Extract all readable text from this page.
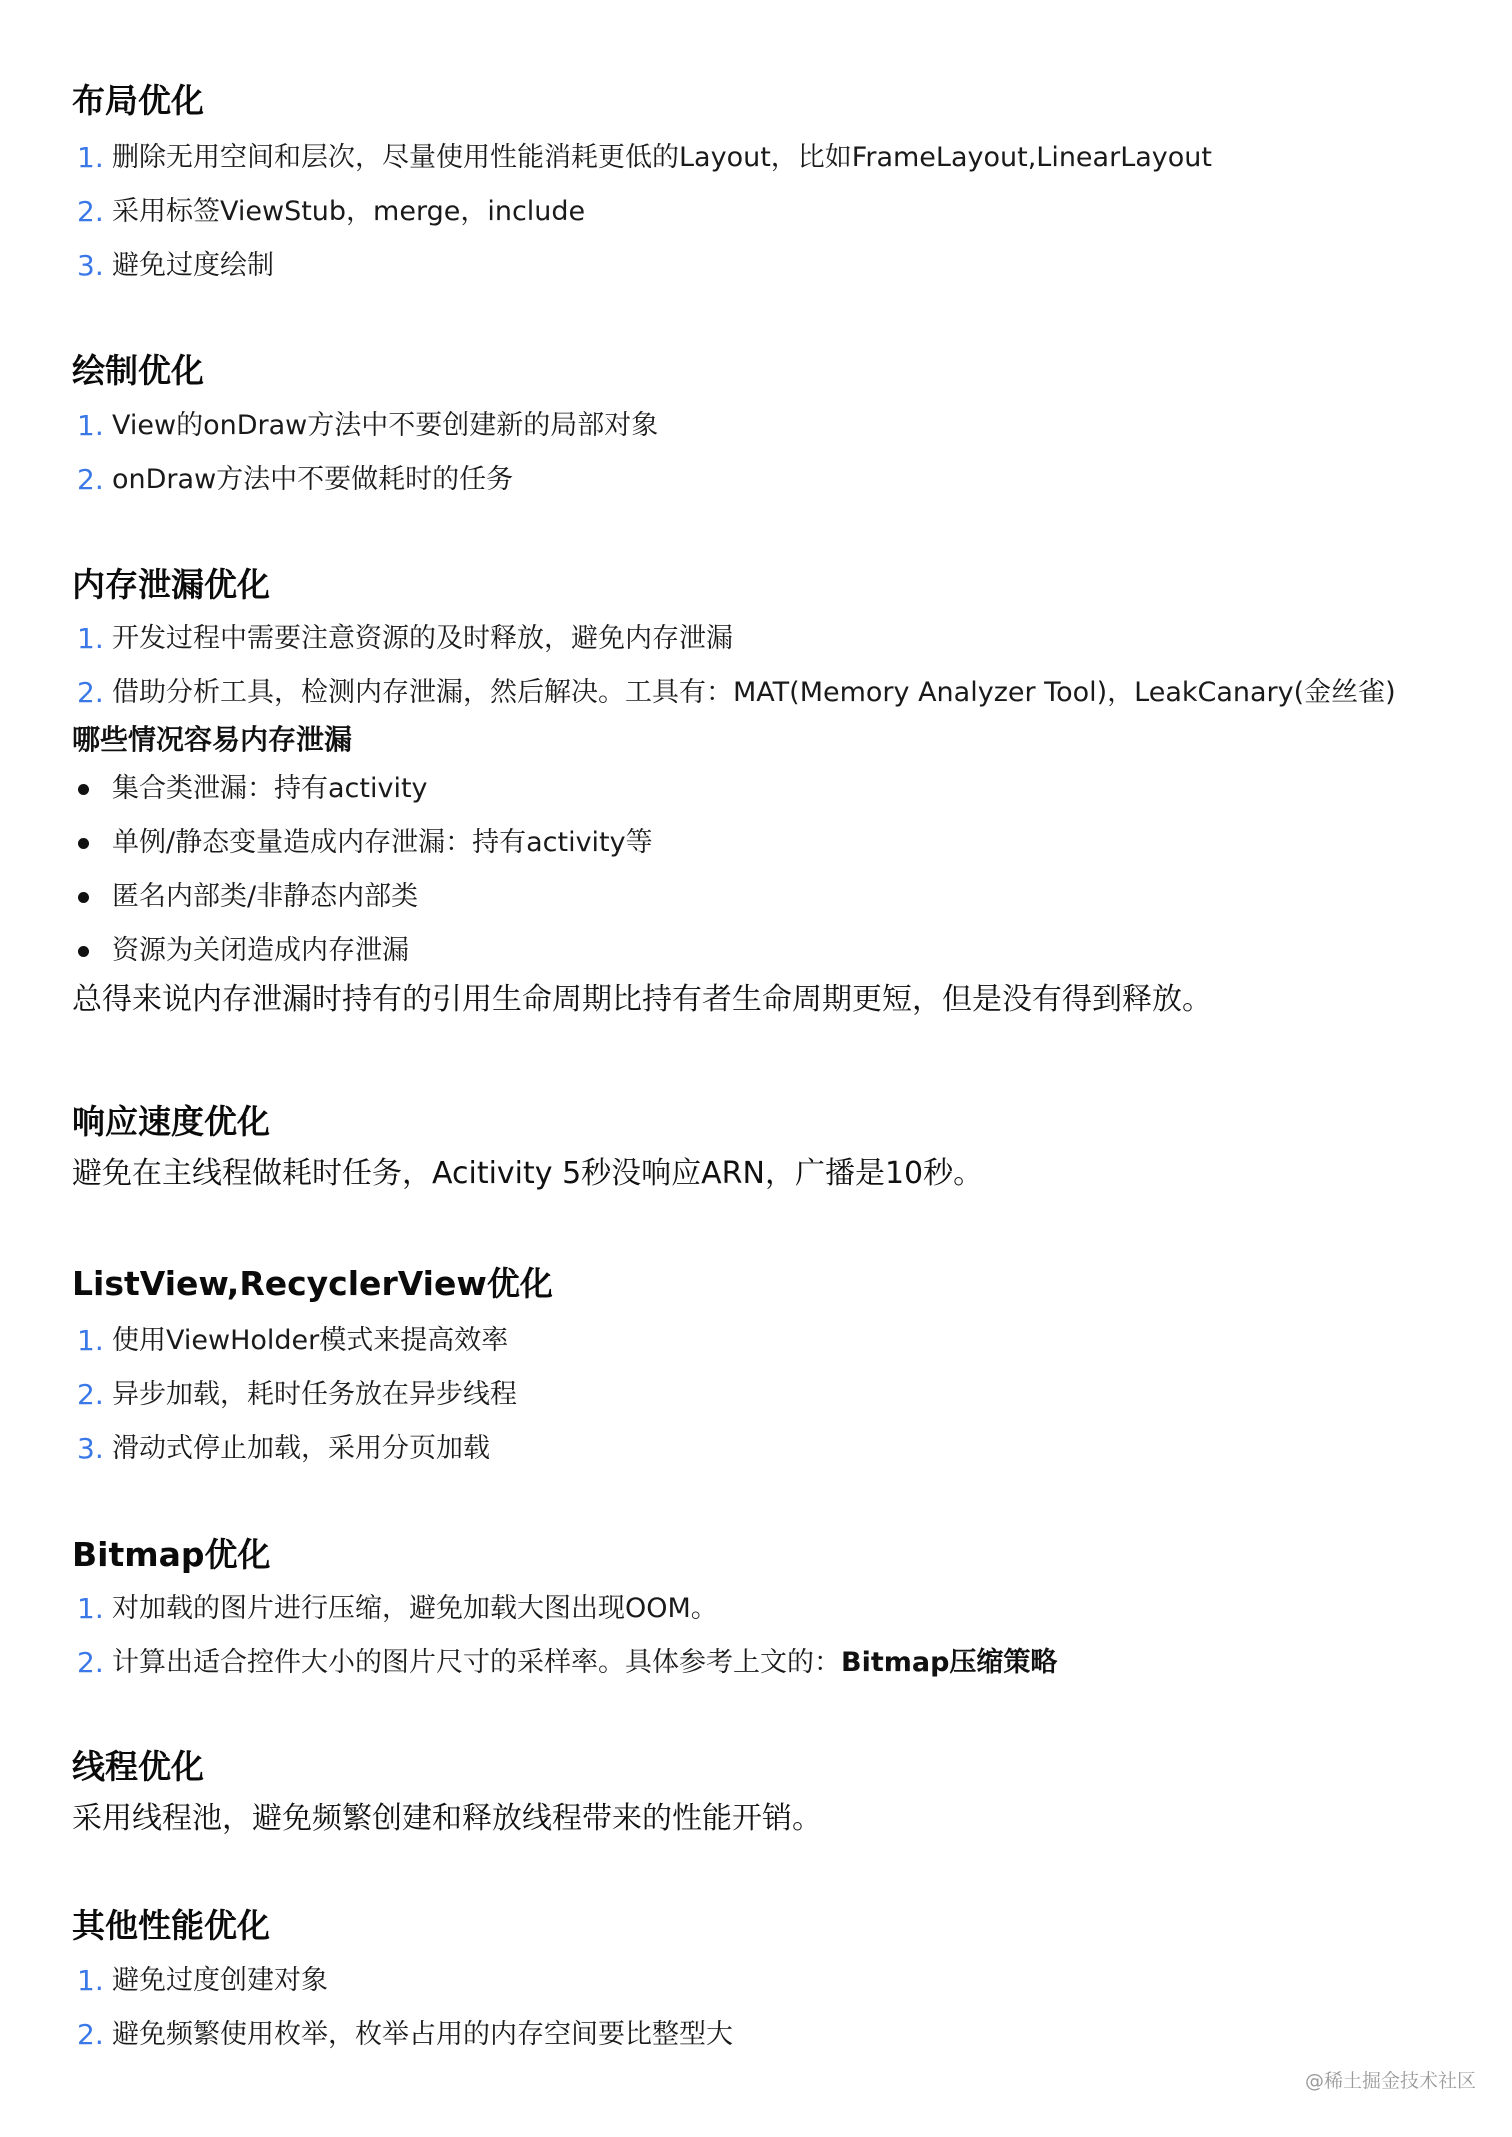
布局优化
1. 删除无用空间和层次，尽量使用性能消耗更低的Layout，比如FrameLayout,LinearLayout
2. 采用标签ViewStub，merge，include
3. 避免过度绘制
绘制优化
1. View的onDraw方法中不要创建新的局部对象
2. onDraw方法中不要做耗时的任务
内存泄漏优化
1. 开发过程中需要注意资源的及时释放，避免内存泄漏
2. 借助分析工具，检测内存泄漏，然后解决。工具有：MAT(Memory Analyzer Tool)，LeakCanary(金丝雀)
哪些情况容易内存泄漏
集合类泄漏：持有activity
单例/静态变量造成内存泄漏：持有activity等
匿名内部类/非静态内部类
资源为关闭造成内存泄漏

总得来说内存泄漏时持有的引用生命周期比持有者生命周期更短，但是没有得到释放。

响应速度优化

避免在主线程做耗时任务，Acitivity 5秒没响应ARN，广播是10秒。

ListView,RecyclerView优化
1. 使用ViewHolder模式来提高效率
2. 异步加载，耗时任务放在异步线程
3. 滑动式停止加载，采用分页加载
Bitmap优化
1. 对加载的图片进行压缩，避免加载大图出现OOM。
2. 计算出适合控件大小的图片尺寸的采样率。具体参考上文的：Bitmap压缩策略
线程优化

采用线程池，避免频繁创建和释放线程带来的性能开销。

其他性能优化
1. 避免过度创建对象
2. 避免频繁使用枚举，枚举占用的内存空间要比整型大
@稀土掘金技术社区
